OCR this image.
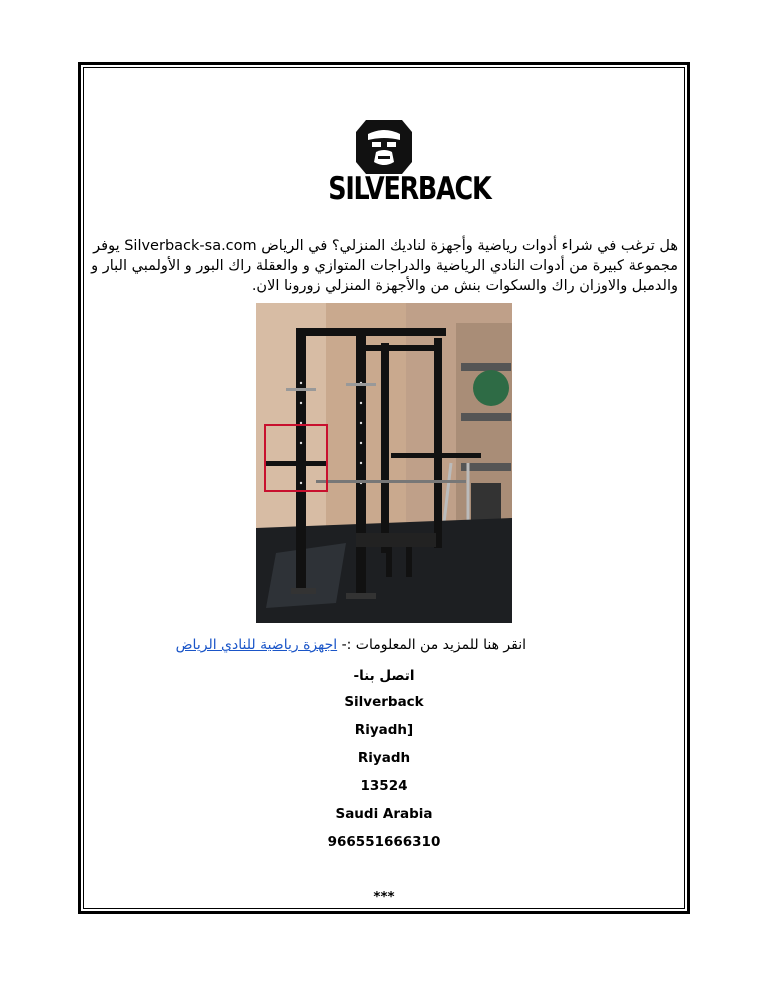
SILVERBACK
هل ترغب في شراء أدوات رياضية وأجهزة لناديك المنزلي؟ في الرياض Silverback-sa.com يوفر مجموعة كبيرة من أدوات النادي الرياضية والدراجات المتوازي و والعقلة راك البور و الأولمبي البار و والدمبل والاوزان راك والسكوات بنش من والأجهزة المنزلي زورونا الان.
انقر هنا للمزيد من المعلومات :- اجهزة رياضية للنادي الرياض
اتصل بنا-
Silverback
Riyadh]
Riyadh
13524
Saudi Arabia
966551666310
***
